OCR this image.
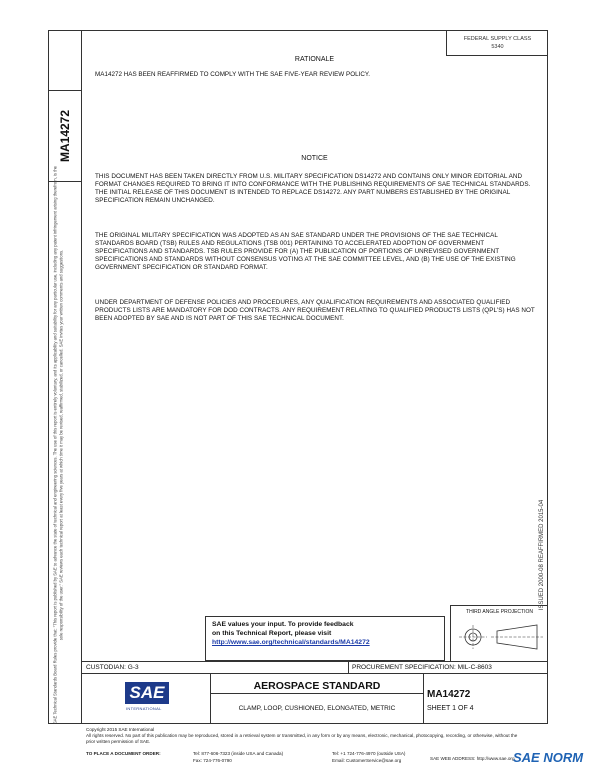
MA14272
SAE Technical Standards Board Rules provide that: "This report is published by SAE to advance the state of technical and engineering sciences. The use of this report is entirely voluntary, and its applicability and suitability for any particular use, including any patent infringement arising therefrom, is the sole responsibility of the user." SAE reviews each technical report at least every five years at which time it may be revised, reaffirmed, stabilized, or cancelled. SAE invites your written comments and suggestions.
FEDERAL SUPPLY CLASS
5340
RATIONALE
MA14272 HAS BEEN REAFFIRMED TO COMPLY WITH THE SAE FIVE-YEAR REVIEW POLICY.
NOTICE
THIS DOCUMENT HAS BEEN TAKEN DIRECTLY FROM U.S. MILITARY SPECIFICATION DS14272 AND CONTAINS ONLY MINOR EDITORIAL AND FORMAT CHANGES REQUIRED TO BRING IT INTO CONFORMANCE WITH THE PUBLISHING REQUIREMENTS OF SAE TECHNICAL STANDARDS. THE INITIAL RELEASE OF THIS DOCUMENT IS INTENDED TO REPLACE DS14272. ANY PART NUMBERS ESTABLISHED BY THE ORIGINAL SPECIFICATION REMAIN UNCHANGED.
THE ORIGINAL MILITARY SPECIFICATION WAS ADOPTED AS AN SAE STANDARD UNDER THE PROVISIONS OF THE SAE TECHNICAL STANDARDS BOARD (TSB) RULES AND REGULATIONS (TSB 001) PERTAINING TO ACCELERATED ADOPTION OF GOVERNMENT SPECIFICATIONS AND STANDARDS. TSB RULES PROVIDE FOR (A) THE PUBLICATION OF PORTIONS OF UNREVISED GOVERNMENT SPECIFICATIONS AND STANDARDS WITHOUT CONSENSUS VOTING AT THE SAE COMMITTEE LEVEL, AND (B) THE USE OF THE EXISTING GOVERNMENT SPECIFICATION OR STANDARD FORMAT.
UNDER DEPARTMENT OF DEFENSE POLICIES AND PROCEDURES, ANY QUALIFICATION REQUIREMENTS AND ASSOCIATED QUALIFIED PRODUCTS LISTS ARE MANDATORY FOR DOD CONTRACTS. ANY REQUIREMENT RELATING TO QUALIFIED PRODUCTS LISTS (QPL'S) HAS NOT BEEN ADOPTED BY SAE AND IS NOT PART OF THIS SAE TECHNICAL DOCUMENT.
ISSUED 2000-08 REAFFIRMED 2015-04
SAE values your input. To provide feedback
on this Technical Report, please visit
http://www.sae.org/technical/standards/MA14272
THIRD ANGLE PROJECTION
CUSTODIAN: G-3	PROCUREMENT SPECIFICATION: MIL-C-8603
SAE
INTERNATIONAL
AEROSPACE STANDARD
CLAMP, LOOP, CUSHIONED, ELONGATED, METRIC
MA14272
SHEET 1 OF 4
Copyright 2015 SAE International
All rights reserved. No part of this publication may be reproduced, stored in a retrieval system or transmitted, in any form or by any means, electronic, mechanical, photocopying, recording, or otherwise, without the prior written permission of SAE.
TO PLACE A DOCUMENT ORDER:	Tel: 877-606-7323 (inside USA and Canada)	Tel: +1 724-776-4970 (outside USA)
Fax: 724-776-0790	Email: CustomerService@sae.org	SAE WEB ADDRESS: http://www.sae.org
SAE NORM
